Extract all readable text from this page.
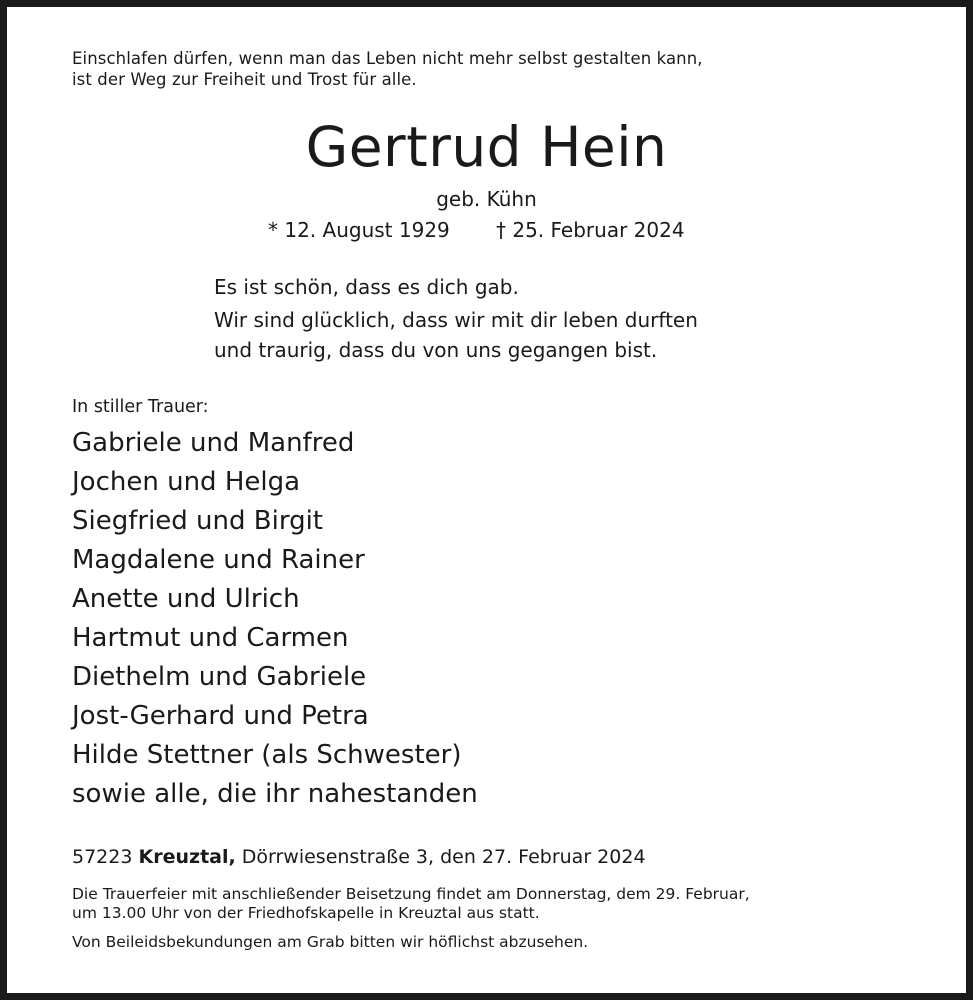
Einschlafen dürfen, wenn man das Leben nicht mehr selbst gestalten kann,
ist der Weg zur Freiheit und Trost für alle.
Gertrud Hein
geb. Kühn
* 12. August 1929 † 25. Februar 2024
Es ist schön, dass es dich gab.
Wir sind glücklich, dass wir mit dir leben durften
und traurig, dass du von uns gegangen bist.
In stiller Trauer:
Gabriele und Manfred
Jochen und Helga
Siegfried und Birgit
Magdalene und Rainer
Anette und Ulrich
Hartmut und Carmen
Diethelm und Gabriele
Jost-Gerhard und Petra
Hilde Stettner (als Schwester)
sowie alle, die ihr nahestanden
57223 Kreuztal, Dörrwiesenstraße 3, den 27. Februar 2024
Die Trauerfeier mit anschließender Beisetzung findet am Donnerstag, dem 29. Februar,
um 13.00 Uhr von der Friedhofskapelle in Kreuztal aus statt.
Von Beileidsbekundungen am Grab bitten wir höflichst abzusehen.
